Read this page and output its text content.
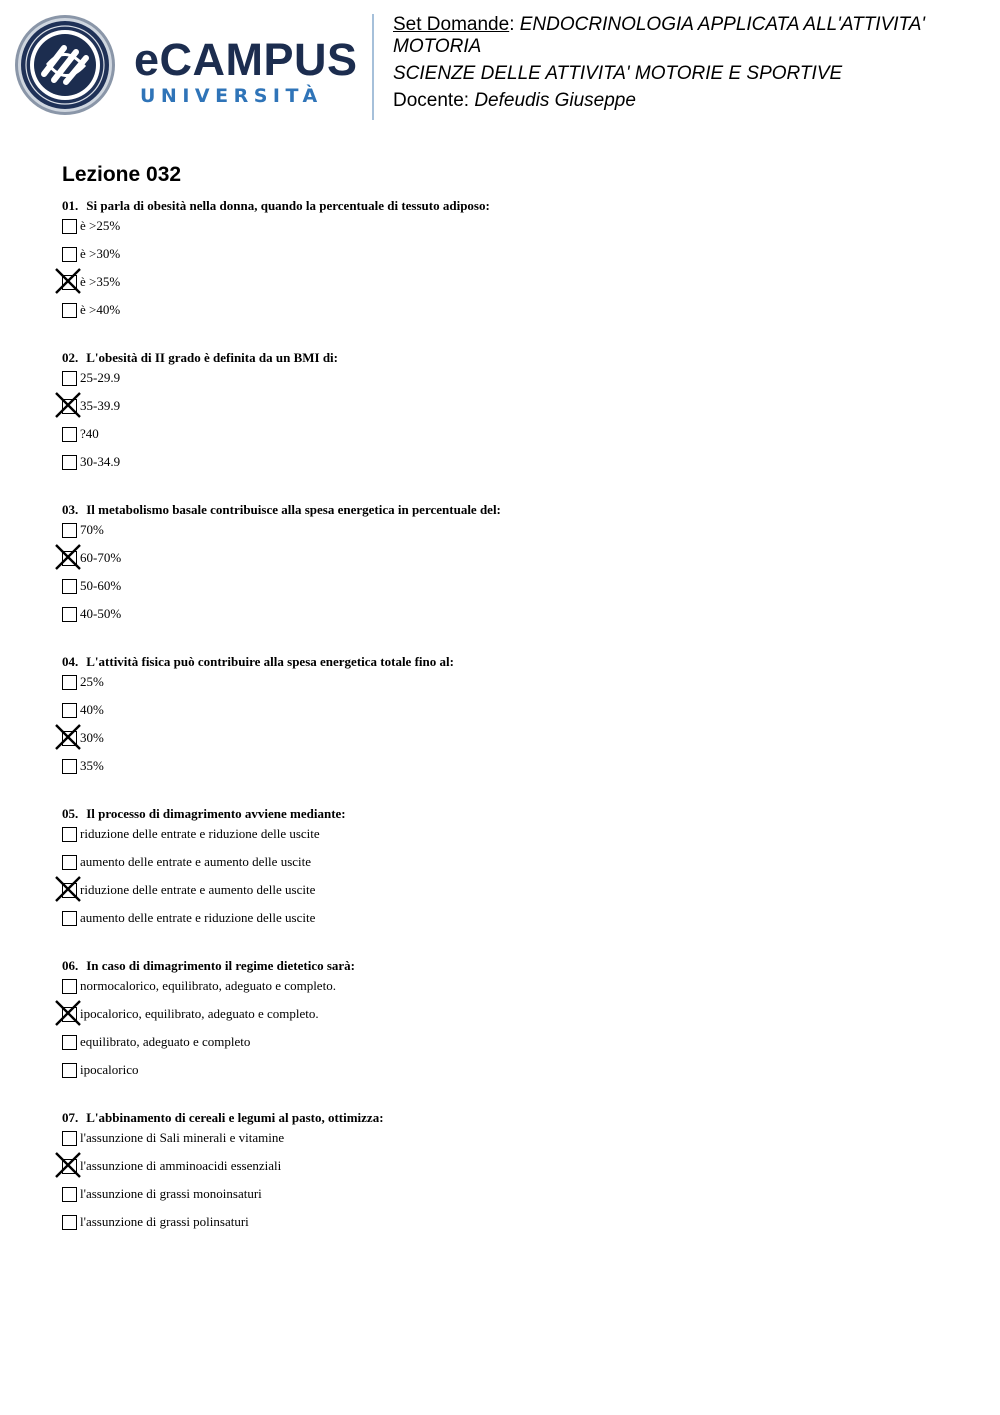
eCAMPUS
UNIVERSITÀ
Set Domande: ENDOCRINOLOGIA APPLICATA ALL'ATTIVITA' MOTORIA
SCIENZE DELLE ATTIVITA' MOTORIE E SPORTIVE
Docente: Defeudis Giuseppe
Lezione 032
01. Si parla di obesità nella donna, quando la percentuale di tessuto adiposo:
è >25%
è >30%
è >35%
è >40%
02. L'obesità di II grado è definita da un BMI di:
25-29.9
35-39.9
?40
30-34.9
03. Il metabolismo basale contribuisce alla spesa energetica in percentuale del:
70%
60-70%
50-60%
40-50%
04. L'attività fisica può contribuire alla spesa energetica totale fino al:
25%
40%
30%
35%
05. Il processo di dimagrimento avviene mediante:
riduzione delle entrate e riduzione delle uscite
aumento delle entrate e aumento delle uscite
riduzione delle entrate e aumento delle uscite
aumento delle entrate e riduzione delle uscite
06. In caso di dimagrimento il regime dietetico sarà:
normocalorico, equilibrato, adeguato e completo.
ipocalorico, equilibrato, adeguato e completo.
equilibrato, adeguato e completo
ipocalorico
07. L'abbinamento di cereali e legumi al pasto, ottimizza:
l'assunzione di Sali minerali e vitamine
l'assunzione di amminoacidi essenziali
l'assunzione di grassi monoinsaturi
l'assunzione di grassi polinsaturi
